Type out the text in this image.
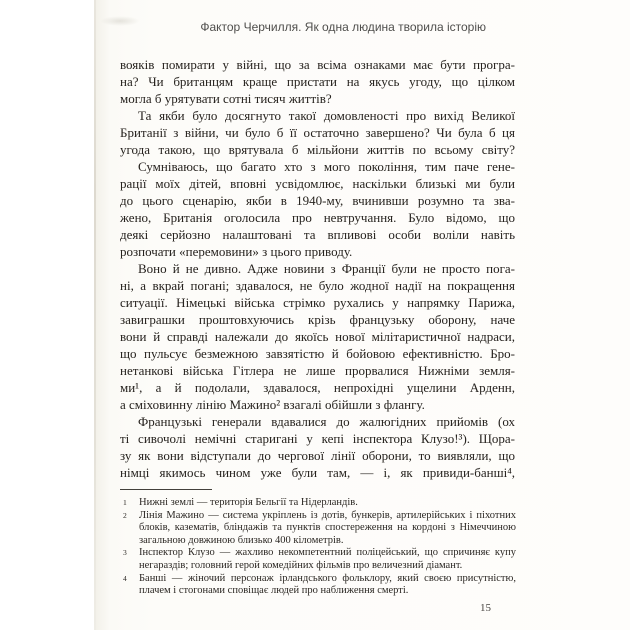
Фактор Черчилля. Як одна людина творила історію
вояків помирати у війні, що за всіма ознаками має бути програ-
на? Чи британцям краще пристати на якусь угоду, що цілком
могла б урятувати сотні тисяч життів?
Та якби було досягнуто такої домовленості про вихід Великої
Британії з війни, чи було б її остаточно завершено? Чи була б ця
угода такою, що врятувала б мільйони життів по всьому світу?
Сумніваюсь, що багато хто з мого покоління, тим паче гене-
рації моїх дітей, вповні усвідомлює, наскільки близькі ми були
до цього сценарію, якби в 1940-му, вчинивши розумно та зва-
жено, Британія оголосила про невтручання. Було відомо, що
деякі серйозно налаштовані та впливові особи воліли навіть
розпочати «перемовини» з цього приводу.
Воно й не дивно. Адже новини з Франції були не просто пога-
ні, а вкрай погані; здавалося, не було жодної надії на покращення
ситуації. Німецькі війська стрімко рухались у напрямку Парижа,
завиграшки проштовхуючись крізь французьку оборону, наче
вони й справді належали до якоїсь нової мілітаристичної надраси,
що пульсує безмежною завзятістю й бойовою ефективністю. Бро-
нетанкові війська Гітлера не лише прорвалися Нижніми земля-
ми¹, а й подолали, здавалося, непрохідні ущелини Арденн,
а сміховинну лінію Мажино² взагалі обійшли з флангу.
Французькі генерали вдавалися до жалюгідних прийомів (ох
ті сивочолі немічні старигані у кепі інспектора Клузо!³). Щора-
зу як вони відступали до чергової лінії оборони, то виявляли, що
німці якимось чином уже були там, — і, як привиди-банші⁴,
1 Нижні землі — територія Бельгії та Нідерландів.
2 Лінія Мажино — система укріплень із дотів, бункерів, артилерійських і піхотних блоків, казематів, бліндажів та пунктів спостереження на кордоні з Німеччиною загальною довжиною близько 400 кілометрів.
3 Інспектор Клузо — жахливо некомпетентний поліцейський, що спричиняє купу негараздів; головний герой комедійних фільмів про величезний діамант.
4 Банші — жіночий персонаж ірландського фольклору, який своєю присутністю, плачем і стогонами сповіщає людей про наближення смерті.
15
